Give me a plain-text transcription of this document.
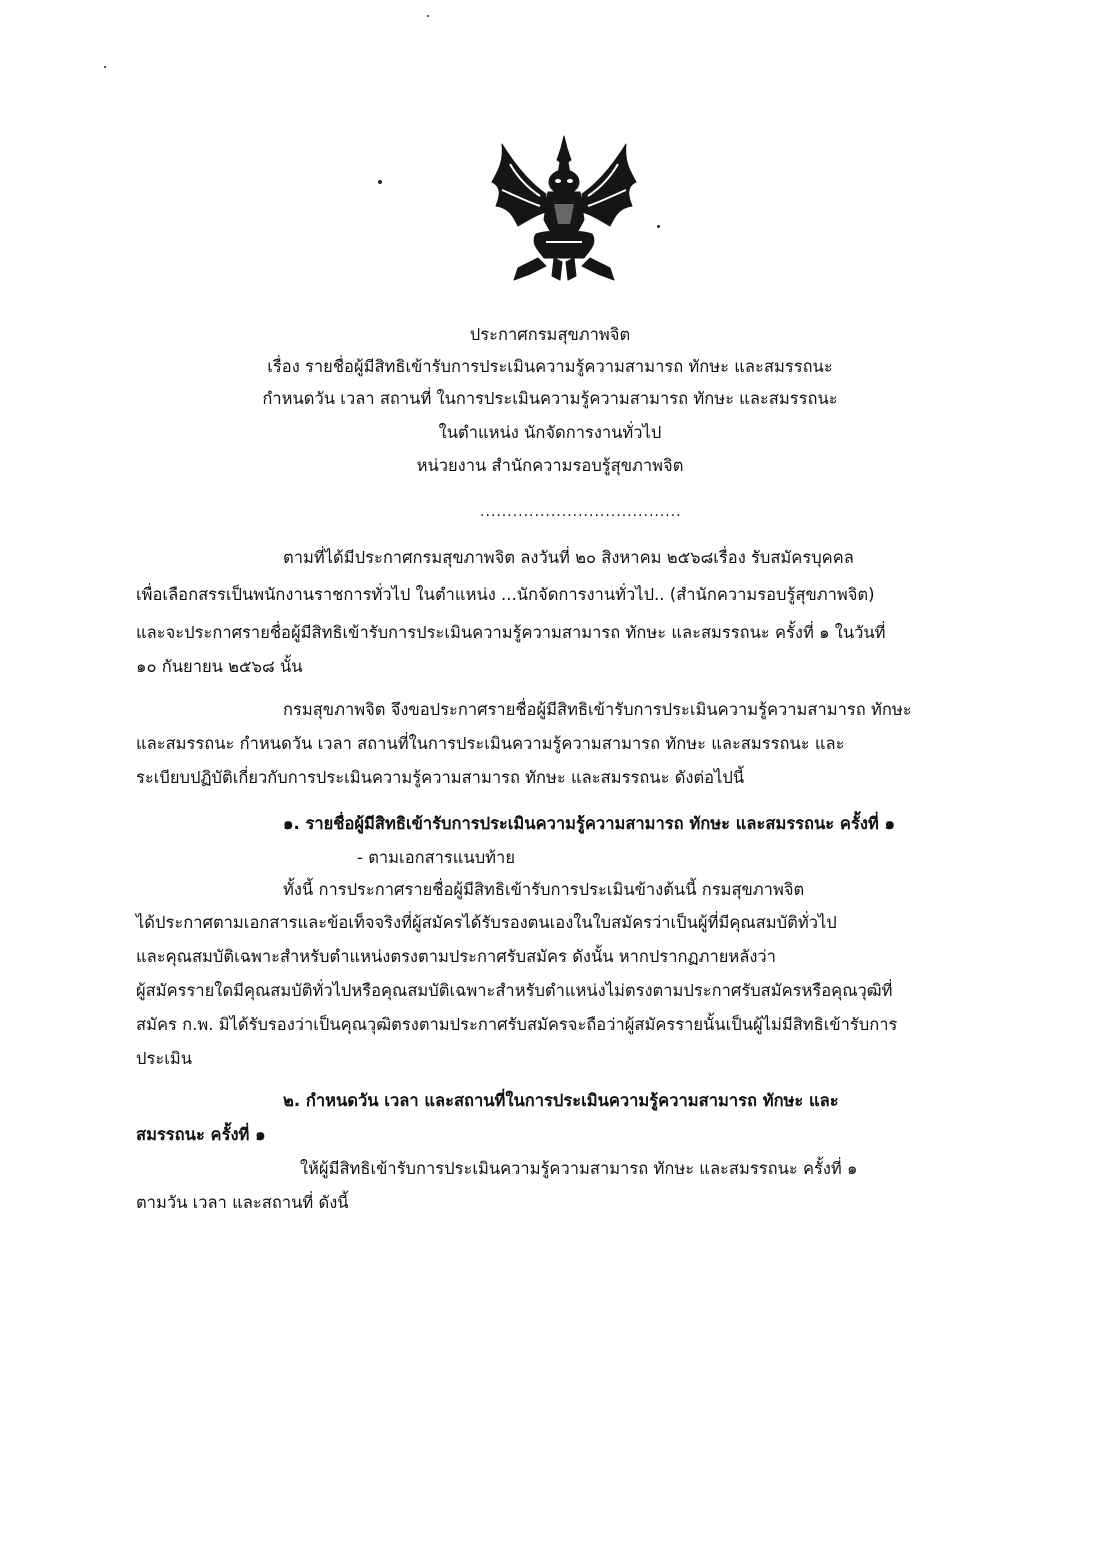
ประกาศกรมสุขภาพจิต
เรื่อง รายชื่อผู้มีสิทธิเข้ารับการประเมินความรู้ความสามารถ ทักษะ และสมรรถนะ
กำหนดวัน เวลา สถานที่ ในการประเมินความรู้ความสามารถ ทักษะ และสมรรถนะ
ในตำแหน่ง นักจัดการงานทั่วไป
หน่วยงาน สำนักความรอบรู้สุขภาพจิต
.....................................
ตามที่ได้มีประกาศกรมสุขภาพจิต ลงวันที่ ๒๐ สิงหาคม ๒๕๖๘เรื่อง รับสมัครบุคคล
เพื่อเลือกสรรเป็นพนักงานราชการทั่วไป ในตำแหน่ง ...นักจัดการงานทั่วไป.. (สำนักความรอบรู้สุขภาพจิต)
และจะประกาศรายชื่อผู้มีสิทธิเข้ารับการประเมินความรู้ความสามารถ ทักษะ และสมรรถนะ ครั้งที่ ๑ ในวันที่
๑๐ กันยายน ๒๕๖๘ นั้น
กรมสุขภาพจิต จึงขอประกาศรายชื่อผู้มีสิทธิเข้ารับการประเมินความรู้ความสามารถ ทักษะ
และสมรรถนะ กำหนดวัน เวลา สถานที่ในการประเมินความรู้ความสามารถ ทักษะ และสมรรถนะ และ
ระเบียบปฏิบัติเกี่ยวกับการประเมินความรู้ความสามารถ ทักษะ และสมรรถนะ ดังต่อไปนี้
๑. รายชื่อผู้มีสิทธิเข้ารับการประเมินความรู้ความสามารถ ทักษะ และสมรรถนะ ครั้งที่ ๑
- ตามเอกสารแนบท้าย
ทั้งนี้ การประกาศรายชื่อผู้มีสิทธิเข้ารับการประเมินข้างต้นนี้ กรมสุขภาพจิต
ได้ประกาศตามเอกสารและข้อเท็จจริงที่ผู้สมัครได้รับรองตนเองในใบสมัครว่าเป็นผู้ที่มีคุณสมบัติทั่วไป
และคุณสมบัติเฉพาะสำหรับตำแหน่งตรงตามประกาศรับสมัคร ดังนั้น หากปรากฏภายหลังว่า
ผู้สมัครรายใดมีคุณสมบัติทั่วไปหรือคุณสมบัติเฉพาะสำหรับตำแหน่งไม่ตรงตามประกาศรับสมัครหรือคุณวุฒิที่
สมัคร ก.พ. มิได้รับรองว่าเป็นคุณวุฒิตรงตามประกาศรับสมัครจะถือว่าผู้สมัครรายนั้นเป็นผู้ไม่มีสิทธิเข้ารับการ
ประเมิน
๒. กำหนดวัน เวลา และสถานที่ในการประเมินความรู้ความสามารถ ทักษะ และ
สมรรถนะ ครั้งที่ ๑
ให้ผู้มีสิทธิเข้ารับการประเมินความรู้ความสามารถ ทักษะ และสมรรถนะ ครั้งที่ ๑
ตามวัน เวลา และสถานที่ ดังนี้
